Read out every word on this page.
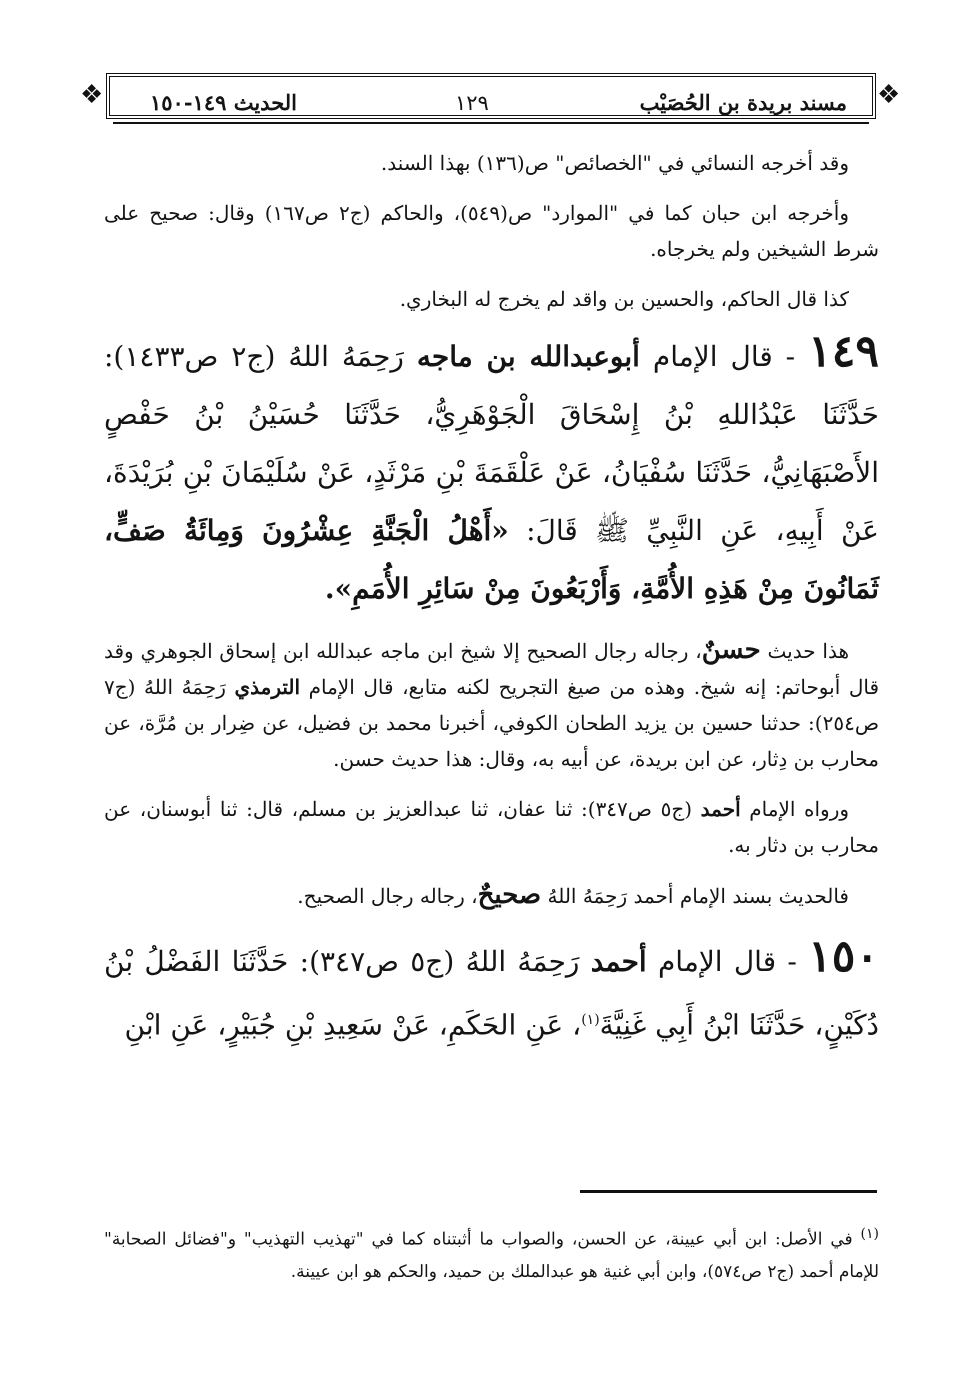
❖	❖
مسند بريدة بن الحُصَيْب
١٢٩
الحديث ١٤٩-١٥٠

وقد أخرجه النسائي في "الخصائص" ص(١٣٦) بهذا السند.

وأخرجه ابن حبان كما في "الموارد" ص(٥٤٩)، والحاكم (ج٢ ص١٦٧) وقال: صحيح على شرط الشيخين ولم يخرجاه.

كذا قال الحاكم، والحسين بن واقد لم يخرج له البخاري.

١٤٩ - قال الإمام أبوعبدالله بن ماجه رَحِمَهُ اللهُ (ج٢ ص١٤٣٣): حَدَّثَنَا عَبْدُاللهِ بْنُ إِسْحَاقَ الْجَوْهَرِيُّ، حَدَّثَنَا حُسَيْنُ بْنُ حَفْصٍ الأَصْبَهَانِيُّ، حَدَّثَنَا سُفْيَانُ، عَنْ عَلْقَمَةَ بْنِ مَرْثَدٍ، عَنْ سُلَيْمَانَ بْنِ بُرَيْدَةَ، عَنْ أَبِيهِ، عَنِ النَّبِيِّ ﷺ قَالَ: «أَهْلُ الْجَنَّةِ عِشْرُونَ وَمِائَةُ صَفٍّ، ثَمَانُونَ مِنْ هَذِهِ الأُمَّةِ، وَأَرْبَعُونَ مِنْ سَائِرِ الأُمَمِ».

هذا حديث حسنٌ، رجاله رجال الصحيح إلا شيخ ابن ماجه عبدالله ابن إسحاق الجوهري وقد قال أبوحاتم: إنه شيخ. وهذه من صيغ التجريح لكنه متابع، قال الإمام الترمذي رَحِمَهُ اللهُ (ج٧ ص٢٥٤): حدثنا حسين بن يزيد الطحان الكوفي، أخبرنا محمد بن فضيل، عن ضِرار بن مُرَّة، عن محارب بن دِثار، عن ابن بريدة، عن أبيه به، وقال: هذا حديث حسن.

ورواه الإمام أحمد (ج٥ ص٣٤٧): ثنا عفان، ثنا عبدالعزيز بن مسلم، قال: ثنا أبوسنان، عن محارب بن دثار به.

فالحديث بسند الإمام أحمد رَحِمَهُ اللهُ صحيحٌ، رجاله رجال الصحيح.

١٥٠ - قال الإمام أحمد رَحِمَهُ اللهُ (ج٥ ص٣٤٧): حَدَّثَنَا الفَضْلُ بْنُ دُكَيْنٍ، حَدَّثَنَا ابْنُ أَبِي غَنِيَّةَ$^{(١)}$، عَنِ الحَكَمِ، عَنْ سَعِيدِ بْنِ جُبَيْرٍ، عَنِ ابْنِ

$^{(١)}$ في الأصل: ابن أبي عيينة، عن الحسن، والصواب ما أثبتناه كما في "تهذيب التهذيب" و"فضائل الصحابة" للإمام أحمد (ج٢ ص٥٧٤)، وابن أبي غنية هو عبدالملك بن حميد، والحكم هو ابن عيينة.
